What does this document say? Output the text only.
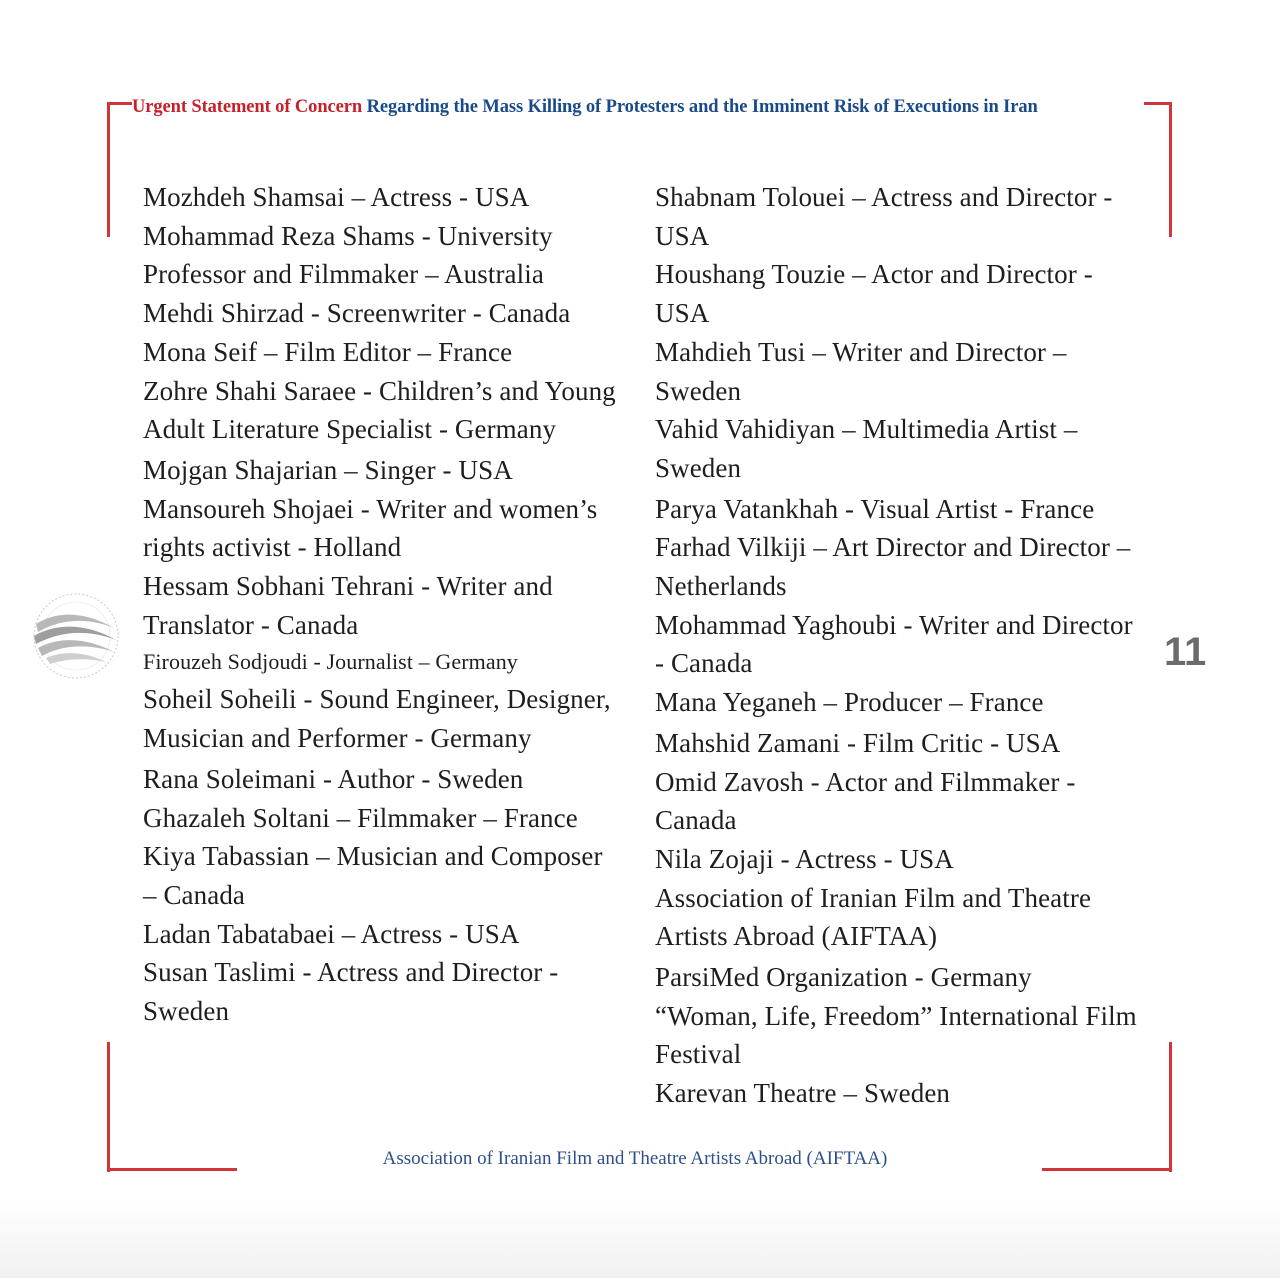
Urgent Statement of Concern Regarding the Mass Killing of Protesters and the Imminent Risk of Executions in Iran

Mozhdeh Shamsai – Actress - USA

Mohammad Reza Shams - University Professor and Filmmaker – Australia

Mehdi Shirzad - Screenwriter - Canada

Mona Seif – Film Editor – France

Zohre Shahi Saraee - Children’s and Young Adult Literature Specialist - Germany

Mojgan Shajarian – Singer - USA

Mansoureh Shojaei - Writer and women’s rights activist - Holland

Hessam Sobhani Tehrani - Writer and Translator - Canada

Firouzeh Sodjoudi - Journalist – Germany

Soheil Soheili - Sound Engineer, Designer, Musician and Performer - Germany

Rana Soleimani - Author - Sweden

Ghazaleh Soltani – Filmmaker – France

Kiya Tabassian – Musician and Composer – Canada

Ladan Tabatabaei – Actress - USA

Susan Taslimi - Actress and Director - Sweden

Shabnam Tolouei – Actress and Director - USA

Houshang Touzie – Actor and Director - USA

Mahdieh Tusi – Writer and Director – Sweden

Vahid Vahidiyan – Multimedia Artist – Sweden

Parya Vatankhah - Visual Artist - France

Farhad Vilkiji – Art Director and Director – Netherlands

Mohammad Yaghoubi - Writer and Director - Canada

Mana Yeganeh – Producer – France

Mahshid Zamani - Film Critic - USA

Omid Zavosh - Actor and Filmmaker - Canada

Nila Zojaji - Actress - USA

Association of Iranian Film and Theatre Artists Abroad (AIFTAA)

ParsiMed Organization - Germany

“Woman, Life, Freedom” International Film Festival

Karevan Theatre – Sweden

11
Association of Iranian Film and Theatre Artists Abroad (AIFTAA)
